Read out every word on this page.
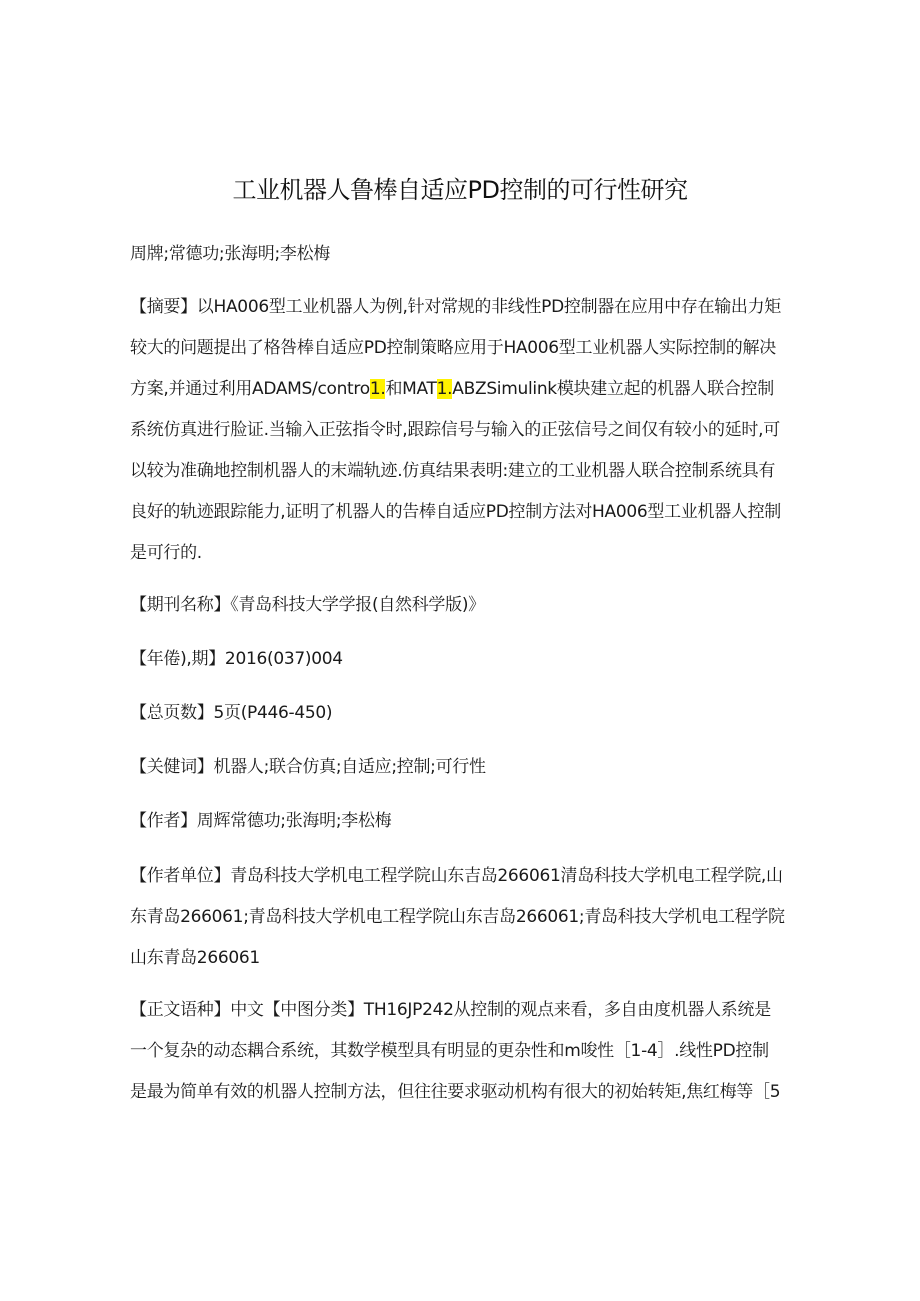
工业机器人鲁棒自适应PD控制的可行性研究
周牌;常德功;张海明;李松梅
【摘要】以HA006型工业机器人为例,针对常规的非线性PD控制器在应用中存在输出力矩
较大的问题提出了格咎棒自适应PD控制策略应用于HA006型工业机器人实际控制的解决
方案,并通过利用ADAMS/contro1.和MAT1.ABZSimulink模块建立起的机器人联合控制
系统仿真进行脸证.当输入正弦指令时,跟踪信号与输入的正弦信号之间仅有较小的延时,可
以较为准确地控制机器人的末端轨迹.仿真结果表明:建立的工业机器人联合控制系统具有
良好的轨迹跟踪能力,证明了机器人的告棒自适应PD控制方法对HA006型工业机器人控制
是可行的.
【期刊名称】《青岛科技大学学报(自然科学版)》
【年倦),期】2016(037)004
【总页数】5页(P446-450)
【关健词】机器人;联合仿真;自适应;控制;可行性
【作者】周辉常德功;张海明;李松梅
【作者单位】青岛科技大学机电工程学院山东吉岛266061清岛科技大学机电工程学院,山
东青岛266061;青岛科技大学机电工程学院山东吉岛266061;青岛科技大学机电工程学院
山东青岛266061
【正文语种】中文【中图分类】TH16JP242从控制的观点来看，多自由度机器人系统是
一个复杂的动态耦合系统，其数学模型具有明显的更杂性和m唆性［1-4］.线性PD控制
是最为简单有效的机器人控制方法，但往往要求驱动机构有很大的初始转矩,焦红梅等［5
